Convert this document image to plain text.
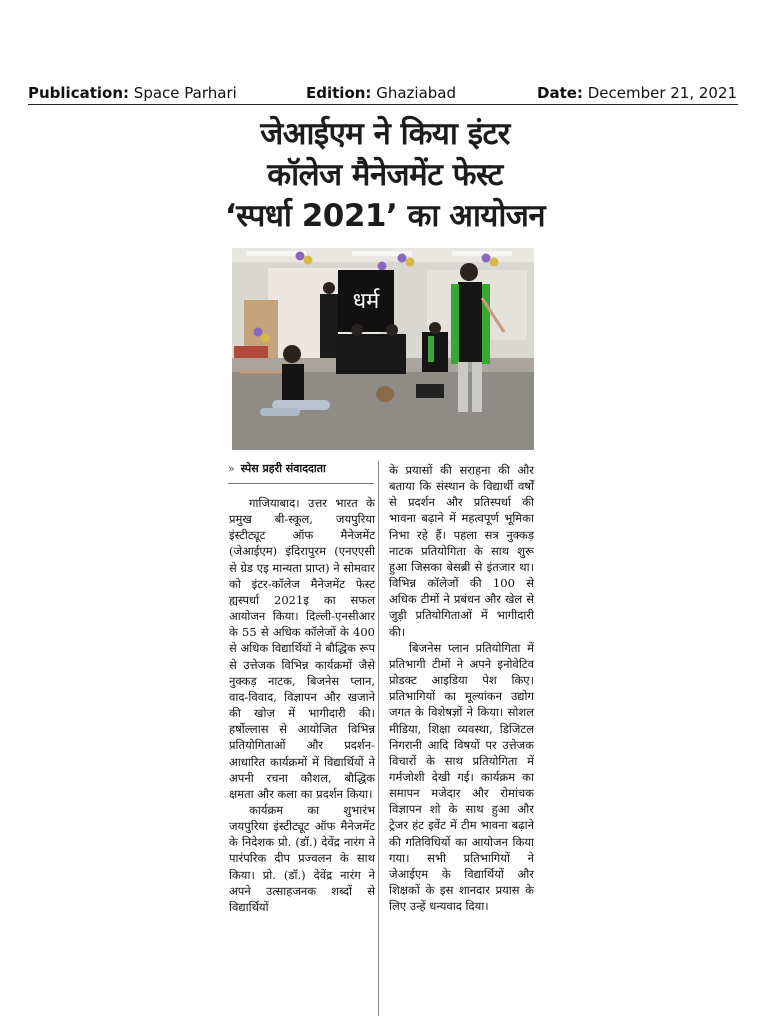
Publication: Space Parhari	Edition: Ghaziabad	Date: December 21, 2021
जेआईएम ने किया इंटर
कॉलेज मैनेजमेंट फेस्ट
‘स्पर्धा 2021’ का आयोजन
धर्म
» स्पेस प्रहरी संवाददाता

गाजियाबाद। उत्तर भारत के प्रमुख बी-स्कूल, जयपुरिया इंस्टीट्यूट ऑफ मैनेजमेंट (जेआईएम) इंदिरापुरम (एनएएसी से ग्रेड एइ मान्यता प्राप्त) ने सोमवार को इंटर-कॉलेज मैनेजमेंट फेस्ट ह्यस्पर्धा 2021इ का सफल आयोजन किया। दिल्ली-एनसीआर के 55 से अधिक कॉलेजों के 400 से अधिक विद्यार्थियों ने बौद्धिक रूप से उत्तेजक विभिन्न कार्यक्रमों जैसे नुक्कड़ नाटक, बिजनेस प्लान, वाद-विवाद, विज्ञापन और खजाने की खोज में भागीदारी की। हर्षोल्लास से आयोजित विभिन्न प्रतियोगिताओं और प्रदर्शन-आधारित कार्यक्रमों में विद्यार्थियों ने अपनी रचना कौशल, बौद्धिक क्षमता और कला का प्रदर्शन किया।

कार्यक्रम का शुभारंभ जयपुरिया इंस्टीट्यूट ऑफ मैनेजमेंट के निदेशक प्रो. (डॉ.) देवेंद्र नारंग ने पारंपरिक दीप प्रज्वलन के साथ किया। प्रो. (डॉ.) देवेंद्र नारंग ने अपने उत्साहजनक शब्दों से विद्यार्थियों

के प्रयासों की सराहना की और बताया कि संस्थान के विद्यार्थी वर्षों से प्रदर्शन और प्रतिस्पर्धा की भावना बढ़ाने में महत्वपूर्ण भूमिका निभा रहे हैं। पहला सत्र नुक्कड़ नाटक प्रतियोगिता के साथ शुरू हुआ जिसका बेसब्री से इंतजार था। विभिन्न कॉलेजों की 100 से अधिक टीमों ने प्रबंधन और खेल से जुड़ी प्रतियोगिताओं में भागीदारी की।

बिजनेस प्लान प्रतियोगिता में प्रतिभागी टीमों ने अपने इनोवेटिव प्रोडक्ट आइडिया पेश किए। प्रतिभागियों का मूल्यांकन उद्योग जगत के विशेषज्ञों ने किया। सोशल मीडिया, शिक्षा व्यवस्था, डिजिटल निगरानी आदि विषयों पर उत्तेजक विचारों के साथ प्रतियोगिता में गर्मजोशी देखी गई। कार्यक्रम का समापन मजेदार और रोमांचक विज्ञापन शो के साथ हुआ और ट्रेजर हंट इवेंट में टीम भावना बढ़ाने की गतिविधियों का आयोजन किया गया। सभी प्रतिभागियों ने जेआईएम के विद्यार्थियों और शिक्षकों के इस शानदार प्रयास के लिए उन्हें धन्यवाद दिया।
